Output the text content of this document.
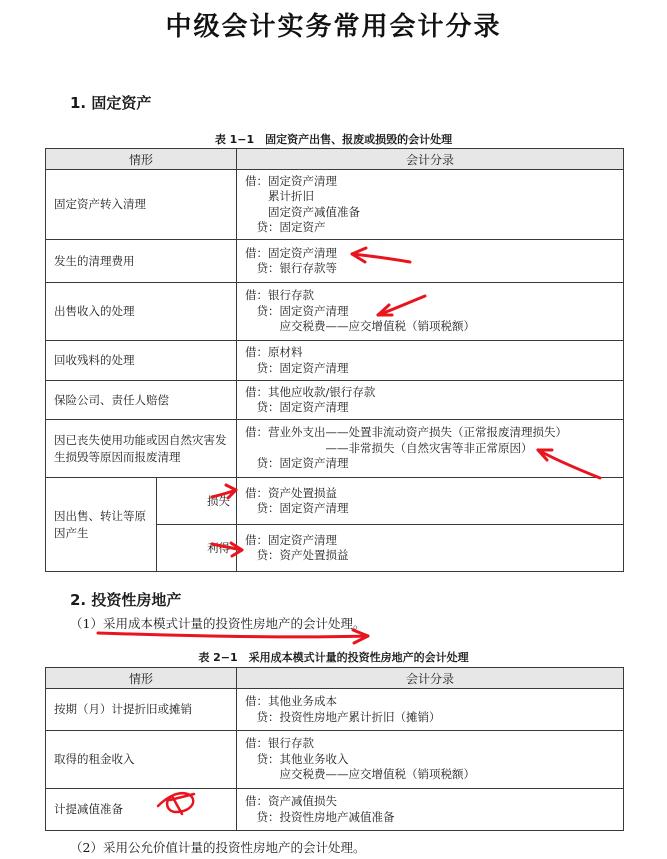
中级会计实务常用会计分录
1. 固定资产
表 1−1　固定资产出售、报废或损毁的会计处理
情形		会计分录

固定资产转入清理		借：固定资产清理
　　累计折旧
　　固定资产减值准备
　贷：固定资产

发生的清理费用		借：固定资产清理
　贷：银行存款等

出售收入的处理		借：银行存款
　贷：固定资产清理
　　　应交税费——应交增值税（销项税额）

回收残料的处理		借：原材料
　贷：固定资产清理

保险公司、责任人赔偿		借：其他应收款/银行存款
　贷：固定资产清理

因已丧失使用功能或因自然灾害发生损毁等原因而报废清理		借：营业外支出——处置非流动资产损失（正常报废清理损失）
　　　　　　　——非常损失（自然灾害等非正常原因）
　贷：固定资产清理

因出售、转让等原因产生	损失	借：资产处置损益
　贷：固定资产清理

	利得	借：固定资产清理
　贷：资产处置损益
2. 投资性房地产
（1）采用成本模式计量的投资性房地产的会计处理。
表 2−1　采用成本模式计量的投资性房地产的会计处理
情形	会计分录

按期（月）计提折旧或摊销	借：其他业务成本
　贷：投资性房地产累计折旧（摊销）

取得的租金收入	借：银行存款
　贷：其他业务收入
　　　应交税费——应交增值税（销项税额）

计提减值准备	借：资产减值损失
　贷：投资性房地产减值准备
（2）采用公允价值计量的投资性房地产的会计处理。
